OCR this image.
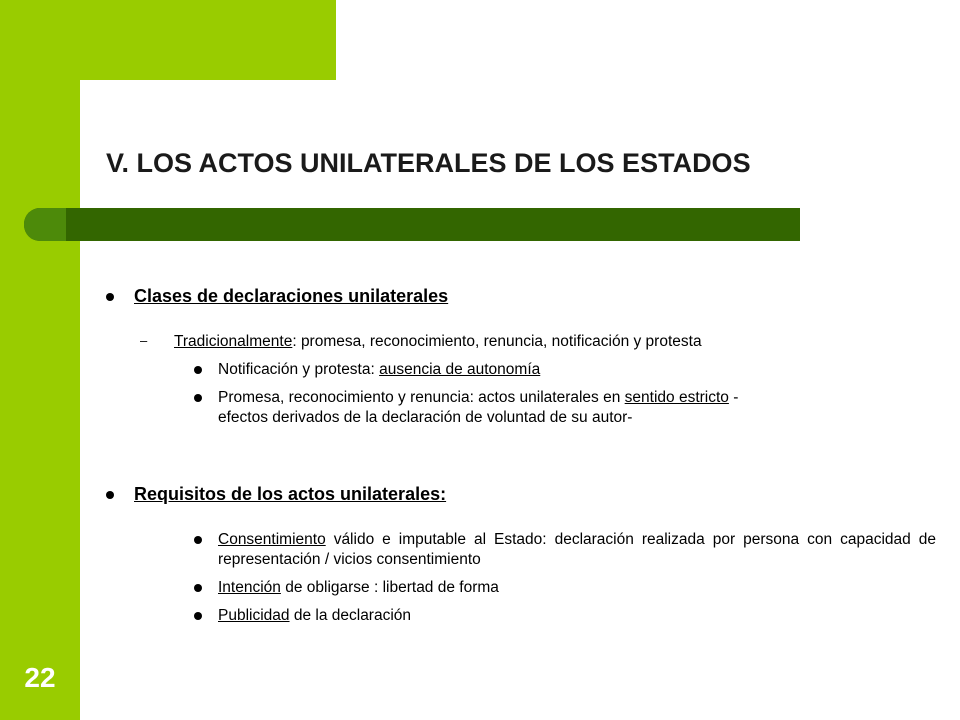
V. LOS ACTOS UNILATERALES DE LOS ESTADOS
Clases de declaraciones unilaterales
– Tradicionalmente: promesa, reconocimiento, renuncia, notificación y protesta
Notificación y protesta: ausencia de autonomía
Promesa, reconocimiento y renuncia: actos unilaterales en sentido estricto -
efectos derivados de la declaración de voluntad de su autor-
Requisitos de los actos unilaterales:
Consentimiento válido e imputable al Estado: declaración realizada por persona con capacidad de representación / vicios consentimiento
Intención de obligarse : libertad de forma
Publicidad de la declaración
22
